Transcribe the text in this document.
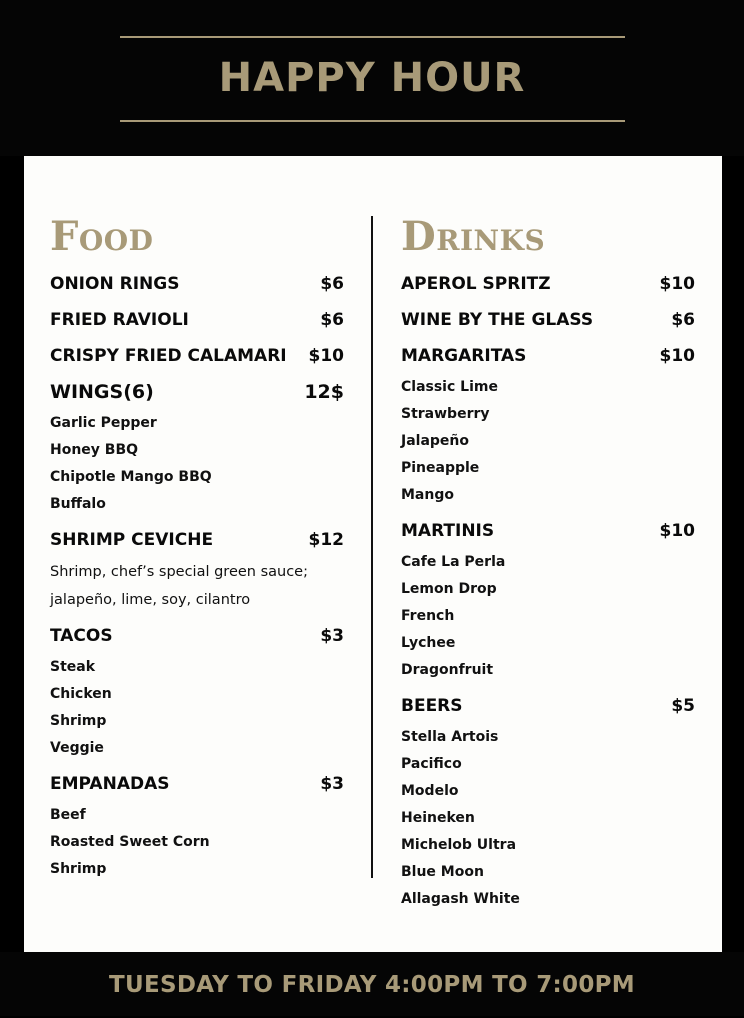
HAPPY HOUR
Food
ONION RINGS	$6
FRIED RAVIOLI	$6
CRISPY FRIED CALAMARI $10
WINGS(6)	12$
Garlic Pepper
Honey BBQ
Chipotle Mango BBQ
Buffalo
SHRIMP CEVICHE	$12
Shrimp, chef’s special green sauce;
jalapeño, lime, soy, cilantro
TACOS	$3
Steak
Chicken
Shrimp
Veggie
EMPANADAS	$3
Beef
Roasted Sweet Corn
Shrimp
Drinks
APEROL SPRITZ	$10
WINE BY THE GLASS	$6
MARGARITAS	$10
Classic Lime
Strawberry
Jalapeño
Pineapple
Mango
MARTINIS	$10
Cafe La Perla
Lemon Drop
French
Lychee
Dragonfruit
BEERS	$5
Stella Artois
Pacifico
Modelo
Heineken
Michelob Ultra
Blue Moon
Allagash White
TUESDAY TO FRIDAY 4:00PM TO 7:00PM
